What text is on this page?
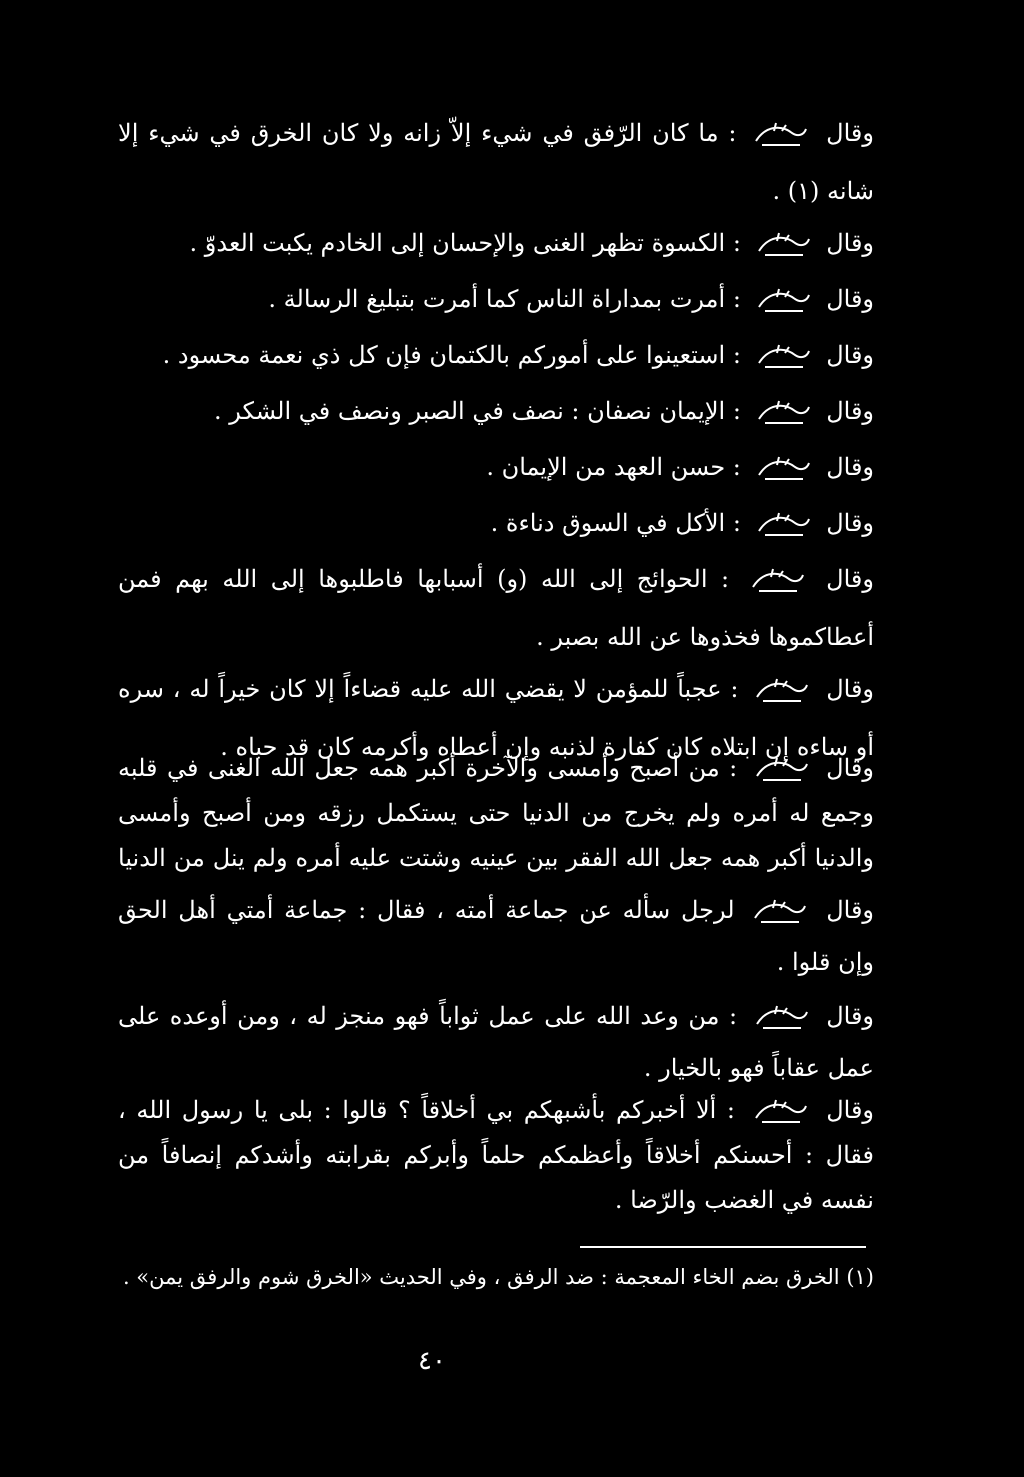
وقال  : ما كان الرّفق في شيء إلاّ زانه ولا كان الخرق في شيء إلا شانه (١) .
وقال  : الكسوة تظهر الغنى والإحسان إلى الخادم يكبت العدوّ .
وقال  : أمرت بمداراة الناس كما أمرت بتبليغ الرسالة .
وقال  : استعينوا على أموركم بالكتمان فإن كل ذي نعمة محسود .
وقال  : الإيمان نصفان : نصف في الصبر ونصف في الشكر .
وقال  : حسن العهد من الإيمان .
وقال  : الأكل في السوق دناءة .
وقال  : الحوائج إلى الله (و) أسبابها فاطلبوها إلى الله بهم فمن أعطاكموها فخذوها عن الله بصبر .
وقال  : عجباً للمؤمن لا يقضي الله عليه قضاءاً إلا كان خيراً له ، سره أو ساءه إن ابتلاه كان كفارة لذنبه وإن أعطاه وأكرمه كان قد حباه .
وقال  : من أصبح وأمسى والآخرة أكبر همه جعل الله الغنى في قلبه وجمع له أمره ولم يخرج من الدنيا حتى يستكمل رزقه ومن أصبح وأمسى والدنيا أكبر همه جعل الله الفقر بين عينيه وشتت عليه أمره ولم ينل من الدنيا
وقال  لرجل سأله عن جماعة أمته ، فقال : جماعة أمتي أهل الحق وإن قلوا .
وقال  : من وعد الله على عمل ثواباً فهو منجز له ، ومن أوعده على عمل عقاباً فهو بالخيار .
وقال  : ألا أخبركم بأشبهكم بي أخلاقاً ؟ قالوا : بلى يا رسول الله ، فقال : أحسنكم أخلاقاً وأعظمكم حلماً وأبركم بقرابته وأشدكم إنصافاً من نفسه في الغضب والرّضا .
(١) الخرق بضم الخاء المعجمة : ضد الرفق ، وفي الحديث «الخرق شوم والرفق يمن» .
٤٠
